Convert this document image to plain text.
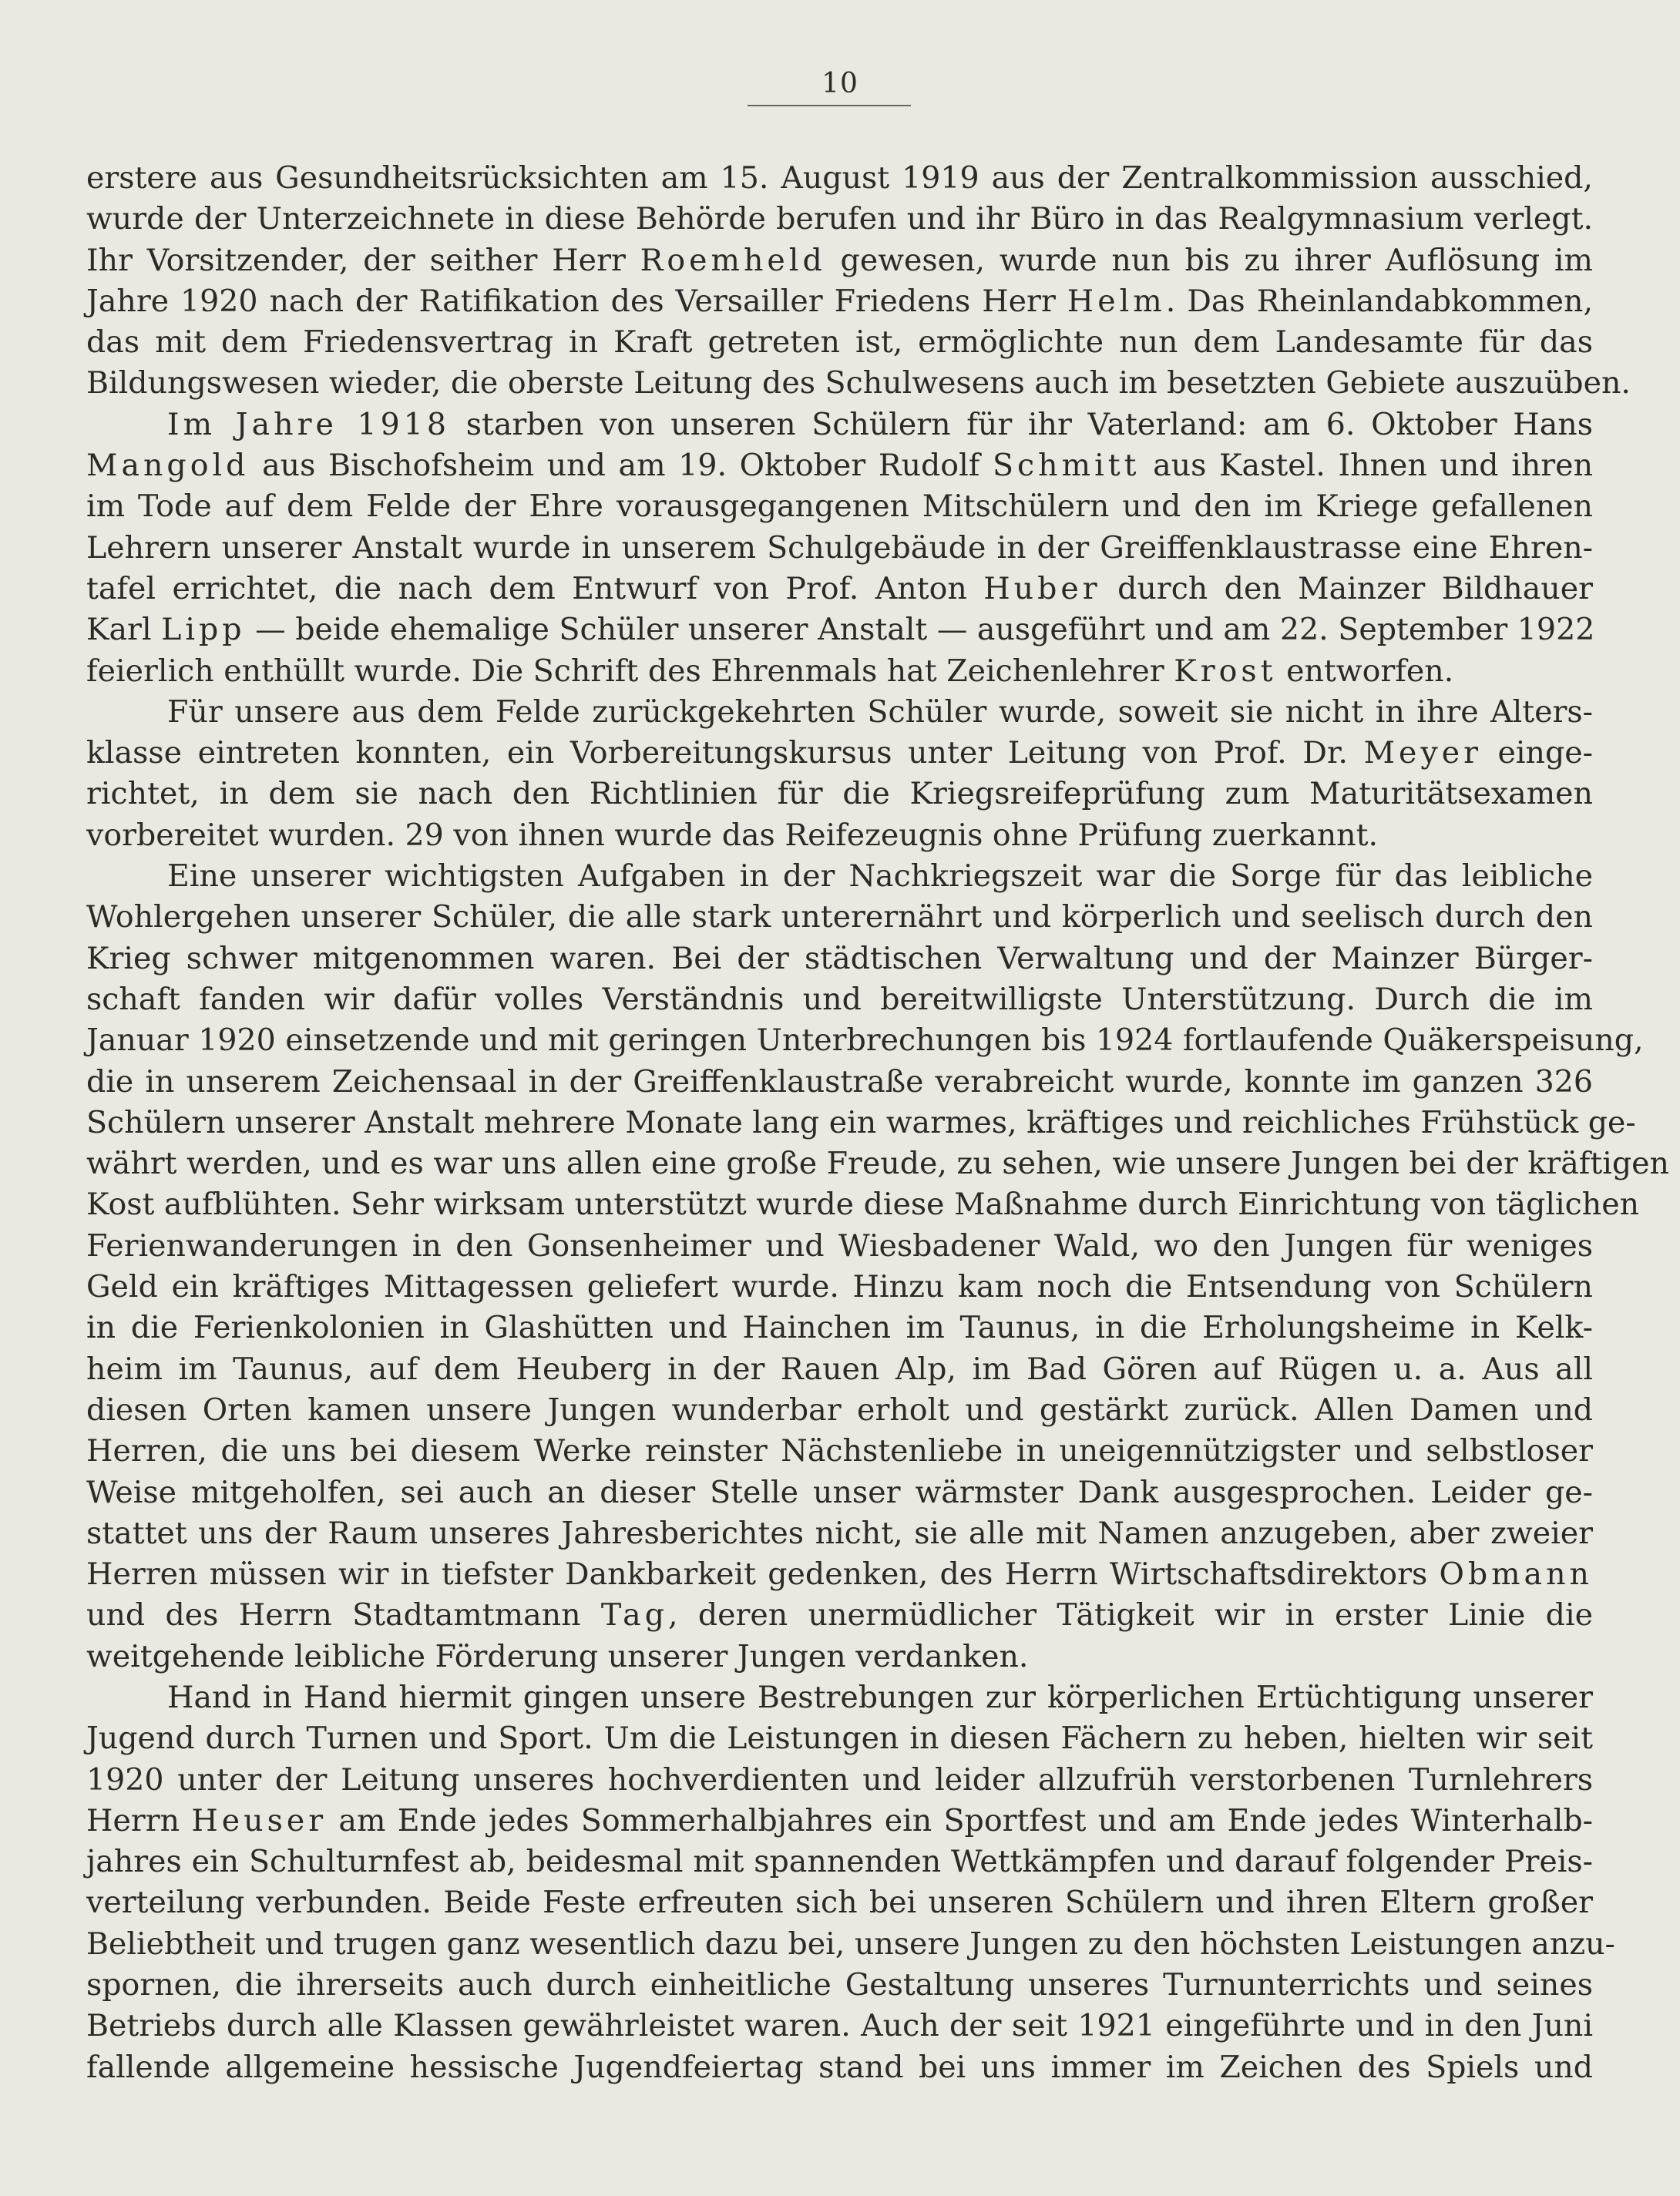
10
erstere aus Gesundheitsrücksichten am 15. August 1919 aus der Zentralkommission ausschied,
wurde der Unterzeichnete in diese Behörde berufen und ihr Büro in das Realgymnasium verlegt.
Ihr Vorsitzender, der seither Herr Roemheld gewesen, wurde nun bis zu ihrer Auflösung im
Jahre 1920 nach der Ratifikation des Versailler Friedens Herr Helm. Das Rheinlandabkommen,
das mit dem Friedensvertrag in Kraft getreten ist, ermöglichte nun dem Landesamte für das
Bildungswesen wieder, die oberste Leitung des Schulwesens auch im besetzten Gebiete auszuüben.
Im Jahre 1918 starben von unseren Schülern für ihr Vaterland: am 6. Oktober Hans
Mangold aus Bischofsheim und am 19. Oktober Rudolf Schmitt aus Kastel. Ihnen und ihren
im Tode auf dem Felde der Ehre vorausgegangenen Mitschülern und den im Kriege gefallenen
Lehrern unserer Anstalt wurde in unserem Schulgebäude in der Greiffenklaustrasse eine Ehren-
tafel errichtet, die nach dem Entwurf von Prof. Anton Huber durch den Mainzer Bildhauer
Karl Lipp — beide ehemalige Schüler unserer Anstalt — ausgeführt und am 22. September 1922
feierlich enthüllt wurde. Die Schrift des Ehrenmals hat Zeichenlehrer Krost entworfen.
Für unsere aus dem Felde zurückgekehrten Schüler wurde, soweit sie nicht in ihre Alters-
klasse eintreten konnten, ein Vorbereitungskursus unter Leitung von Prof. Dr. Meyer einge-
richtet, in dem sie nach den Richtlinien für die Kriegsreifeprüfung zum Maturitätsexamen
vorbereitet wurden. 29 von ihnen wurde das Reifezeugnis ohne Prüfung zuerkannt.
Eine unserer wichtigsten Aufgaben in der Nachkriegszeit war die Sorge für das leibliche
Wohlergehen unserer Schüler, die alle stark unterernährt und körperlich und seelisch durch den
Krieg schwer mitgenommen waren. Bei der städtischen Verwaltung und der Mainzer Bürger-
schaft fanden wir dafür volles Verständnis und bereitwilligste Unterstützung. Durch die im
Januar 1920 einsetzende und mit geringen Unterbrechungen bis 1924 fortlaufende Quäkerspeisung,
die in unserem Zeichensaal in der Greiffenklaustraße verabreicht wurde, konnte im ganzen 326
Schülern unserer Anstalt mehrere Monate lang ein warmes, kräftiges und reichliches Frühstück ge-
währt werden, und es war uns allen eine große Freude, zu sehen, wie unsere Jungen bei der kräftigen
Kost aufblühten. Sehr wirksam unterstützt wurde diese Maßnahme durch Einrichtung von täglichen
Ferienwanderungen in den Gonsenheimer und Wiesbadener Wald, wo den Jungen für weniges
Geld ein kräftiges Mittagessen geliefert wurde. Hinzu kam noch die Entsendung von Schülern
in die Ferienkolonien in Glashütten und Hainchen im Taunus, in die Erholungsheime in Kelk-
heim im Taunus, auf dem Heuberg in der Rauen Alp, im Bad Gören auf Rügen u. a. Aus all
diesen Orten kamen unsere Jungen wunderbar erholt und gestärkt zurück. Allen Damen und
Herren, die uns bei diesem Werke reinster Nächstenliebe in uneigennützigster und selbstloser
Weise mitgeholfen, sei auch an dieser Stelle unser wärmster Dank ausgesprochen. Leider ge-
stattet uns der Raum unseres Jahresberichtes nicht, sie alle mit Namen anzugeben, aber zweier
Herren müssen wir in tiefster Dankbarkeit gedenken, des Herrn Wirtschaftsdirektors Obmann
und des Herrn Stadtamtmann Tag, deren unermüdlicher Tätigkeit wir in erster Linie die
weitgehende leibliche Förderung unserer Jungen verdanken.
Hand in Hand hiermit gingen unsere Bestrebungen zur körperlichen Ertüchtigung unserer
Jugend durch Turnen und Sport. Um die Leistungen in diesen Fächern zu heben, hielten wir seit
1920 unter der Leitung unseres hochverdienten und leider allzufrüh verstorbenen Turnlehrers
Herrn Heuser am Ende jedes Sommerhalbjahres ein Sportfest und am Ende jedes Winterhalb-
jahres ein Schulturnfest ab, beidesmal mit spannenden Wettkämpfen und darauf folgender Preis-
verteilung verbunden. Beide Feste erfreuten sich bei unseren Schülern und ihren Eltern großer
Beliebtheit und trugen ganz wesentlich dazu bei, unsere Jungen zu den höchsten Leistungen anzu-
spornen, die ihrerseits auch durch einheitliche Gestaltung unseres Turnunterrichts und seines
Betriebs durch alle Klassen gewährleistet waren. Auch der seit 1921 eingeführte und in den Juni
fallende allgemeine hessische Jugendfeiertag stand bei uns immer im Zeichen des Spiels und
